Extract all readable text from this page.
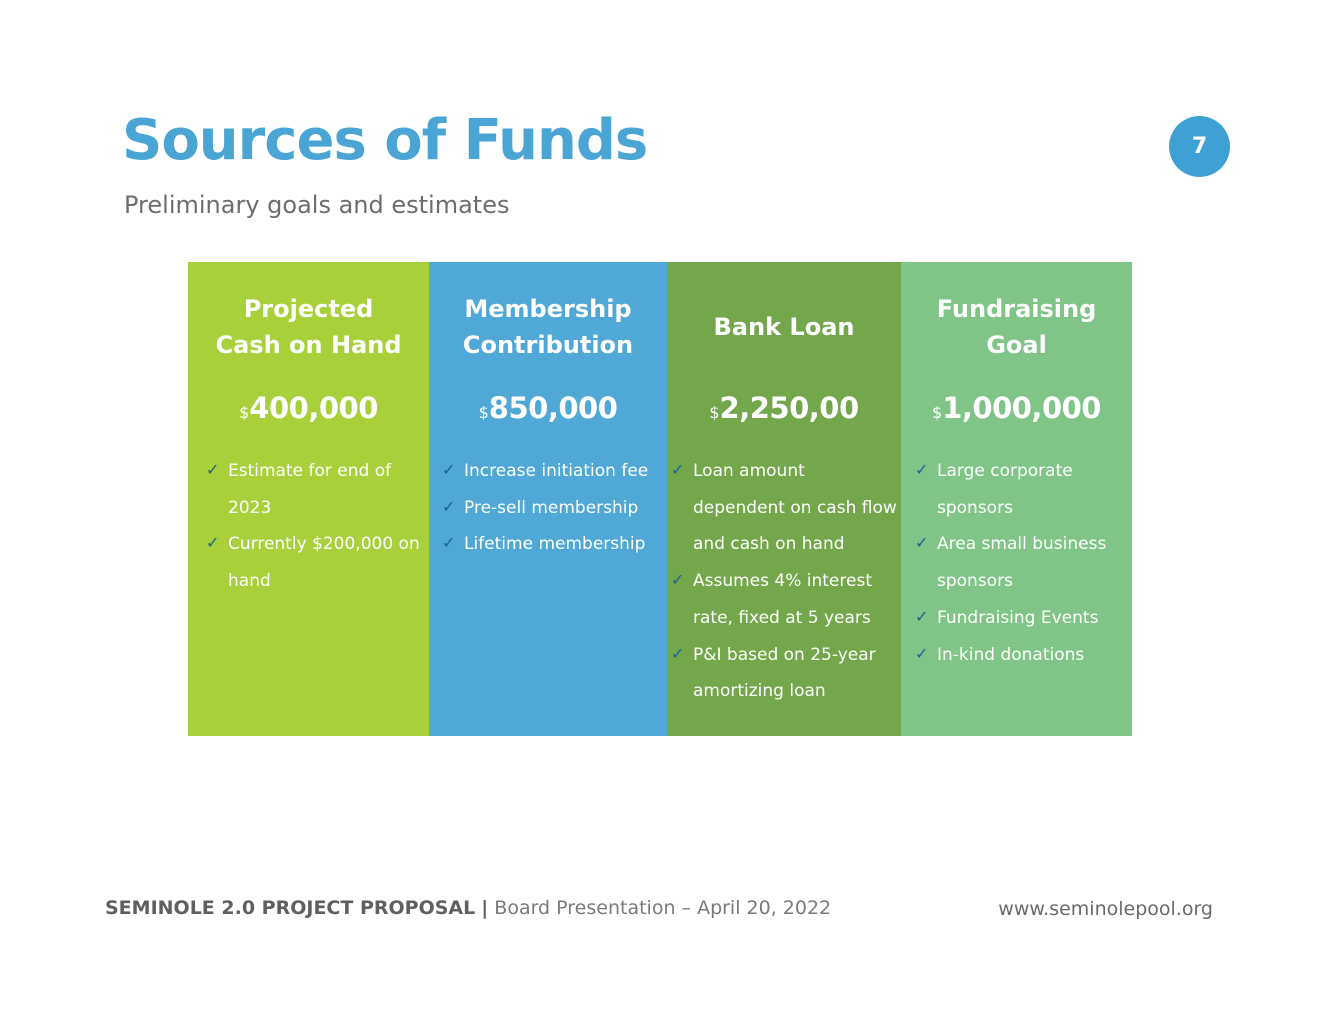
Sources of Funds

Preliminary goals and estimates

7
Projected
Cash on Hand
$400,000
✓ Estimate for end of 2023
✓ Currently $200,000 on hand
Membership
Contribution
$850,000
✓ Increase initiation fee
✓ Pre-sell membership
✓ Lifetime membership
Bank Loan
$2,250,00
✓ Loan amount dependent on cash flow and cash on hand
✓ Assumes 4% interest rate, fixed at 5 years
✓ P&I based on 25-year amortizing loan
Fundraising
Goal
$1,000,000
✓ Large corporate sponsors
✓ Area small business sponsors
✓ Fundraising Events
✓ In-kind donations
SEMINOLE 2.0 PROJECT PROPOSAL | Board Presentation – April 20, 2022	www.seminolepool.org
